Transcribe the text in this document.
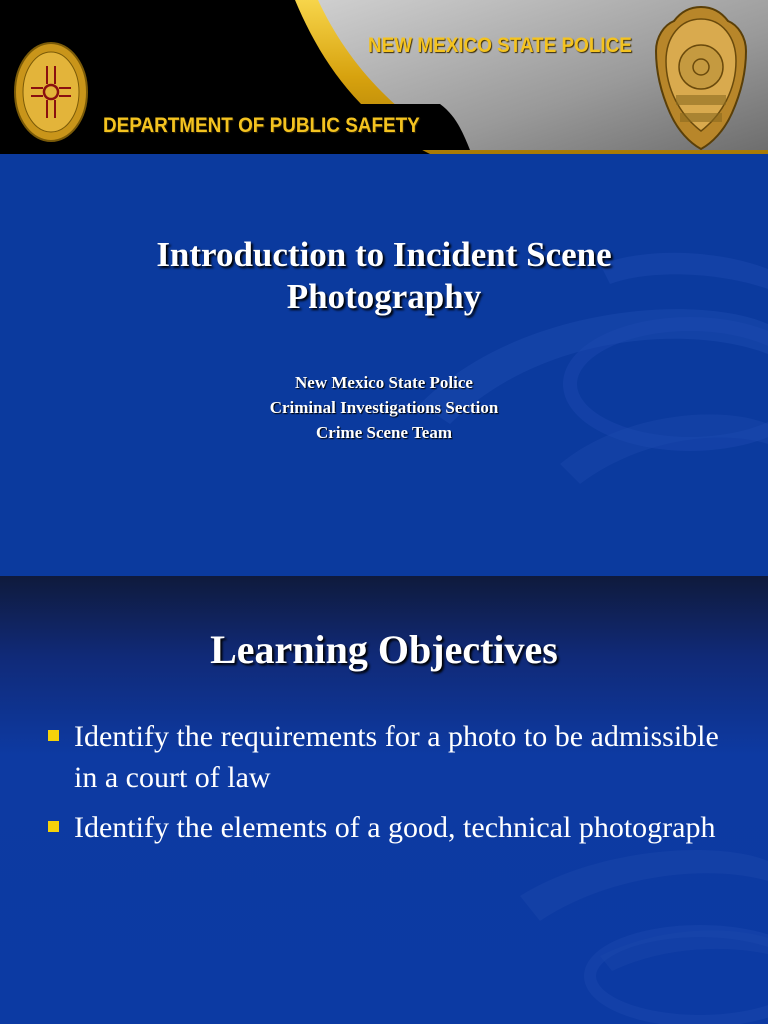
NEW MEXICO STATE POLICE
DEPARTMENT OF PUBLIC SAFETY
Introduction to Incident Scene
Photography
New Mexico State Police
Criminal Investigations Section
Crime Scene Team
Learning Objectives
Identify the requirements for a photo to be admissible in a court of law
Identify the elements of a good, technical photograph
